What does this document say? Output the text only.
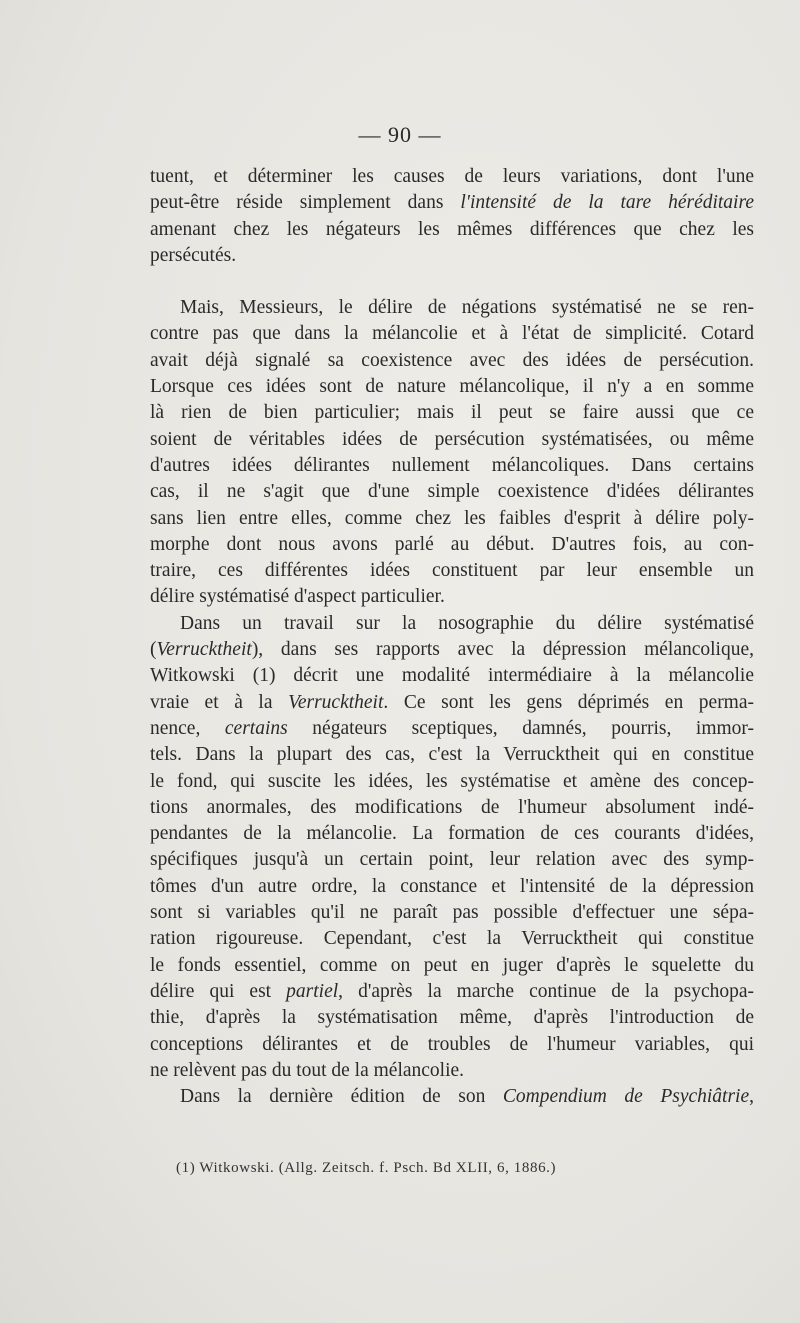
— 90 —
tuent, et déterminer les causes de leurs variations, dont l'une
peut-être réside simplement dans l'intensité de la tare héréditaire
amenant chez les négateurs les mêmes différences que chez les
persécutés.
Mais, Messieurs, le délire de négations systématisé ne se ren-
contre pas que dans la mélancolie et à l'état de simplicité. Cotard
avait déjà signalé sa coexistence avec des idées de persécution.
Lorsque ces idées sont de nature mélancolique, il n'y a en somme
là rien de bien particulier; mais il peut se faire aussi que ce
soient de véritables idées de persécution systématisées, ou même
d'autres idées délirantes nullement mélancoliques. Dans certains
cas, il ne s'agit que d'une simple coexistence d'idées délirantes
sans lien entre elles, comme chez les faibles d'esprit à délire poly-
morphe dont nous avons parlé au début. D'autres fois, au con-
traire, ces différentes idées constituent par leur ensemble un
délire systématisé d'aspect particulier.
Dans un travail sur la nosographie du délire systématisé
(Verrucktheit), dans ses rapports avec la dépression mélancolique,
Witkowski (1) décrit une modalité intermédiaire à la mélancolie
vraie et à la Verrucktheit. Ce sont les gens déprimés en perma-
nence, certains négateurs sceptiques, damnés, pourris, immor-
tels. Dans la plupart des cas, c'est la Verrucktheit qui en constitue
le fond, qui suscite les idées, les systématise et amène des concep-
tions anormales, des modifications de l'humeur absolument indé-
pendantes de la mélancolie. La formation de ces courants d'idées,
spécifiques jusqu'à un certain point, leur relation avec des symp-
tômes d'un autre ordre, la constance et l'intensité de la dépression
sont si variables qu'il ne paraît pas possible d'effectuer une sépa-
ration rigoureuse. Cependant, c'est la Verrucktheit qui constitue
le fonds essentiel, comme on peut en juger d'après le squelette du
délire qui est partiel, d'après la marche continue de la psychopa-
thie, d'après la systématisation même, d'après l'introduction de
conceptions délirantes et de troubles de l'humeur variables, qui
ne relèvent pas du tout de la mélancolie.
Dans la dernière édition de son Compendium de Psychiâtrie,
(1) Witkowski. (Allg. Zeitsch. f. Psch. Bd XLII, 6, 1886.)
